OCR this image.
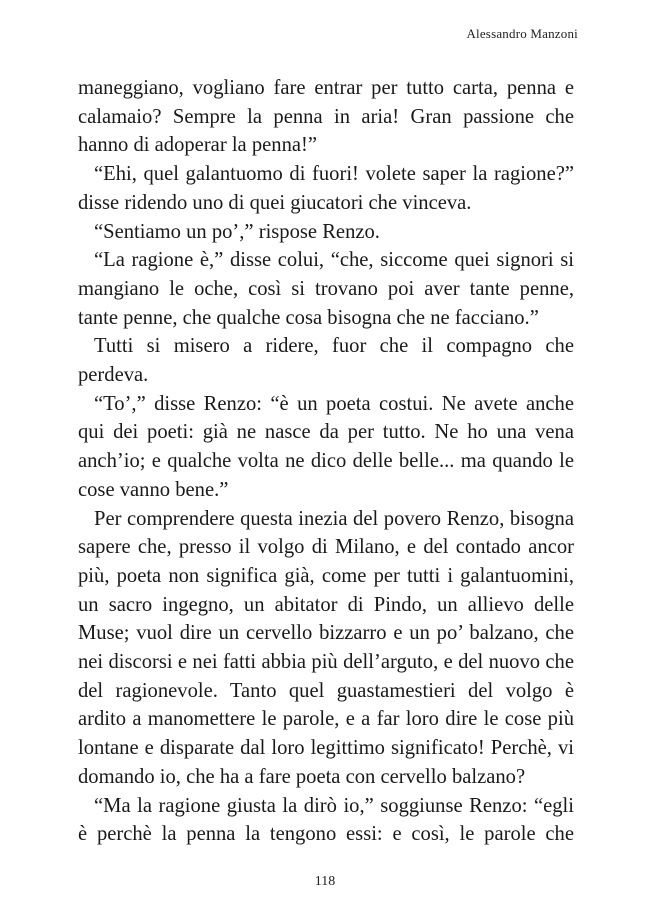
Alessandro Manzoni

maneggiano, vogliano fare entrar per tutto carta, penna e calamaio? Sempre la penna in aria! Gran passione che hanno di adoperar la penna!”

“Ehi, quel galantuomo di fuori! volete saper la ragione?” disse ridendo uno di quei giucatori che vinceva.

“Sentiamo un po’,” rispose Renzo.

“La ragione è,” disse colui, “che, siccome quei signori si mangiano le oche, così si trovano poi aver tante penne, tante penne, che qualche cosa bisogna che ne facciano.”

Tutti si misero a ridere, fuor che il compagno che perdeva.

“To’,” disse Renzo: “è un poeta costui. Ne avete anche qui dei poeti: già ne nasce da per tutto. Ne ho una vena anch’io; e qualche volta ne dico delle belle... ma quando le cose vanno bene.”

Per comprendere questa inezia del povero Renzo, bisogna sapere che, presso il volgo di Milano, e del contado ancor più, poeta non significa già, come per tutti i galantuomini, un sacro ingegno, un abitator di Pindo, un allievo delle Muse; vuol dire un cervello bizzarro e un po’ balzano, che nei discorsi e nei fatti abbia più dell’arguto, e del nuovo che del ragionevole. Tanto quel guastamestieri del volgo è ardito a manomettere le parole, e a far loro dire le cose più lontane e disparate dal loro legittimo significato! Perchè, vi domando io, che ha a fare poeta con cervello balzano?

“Ma la ragione giusta la dirò io,” soggiunse Renzo: “egli è perchè la penna la tengono essi: e così, le parole che

118
